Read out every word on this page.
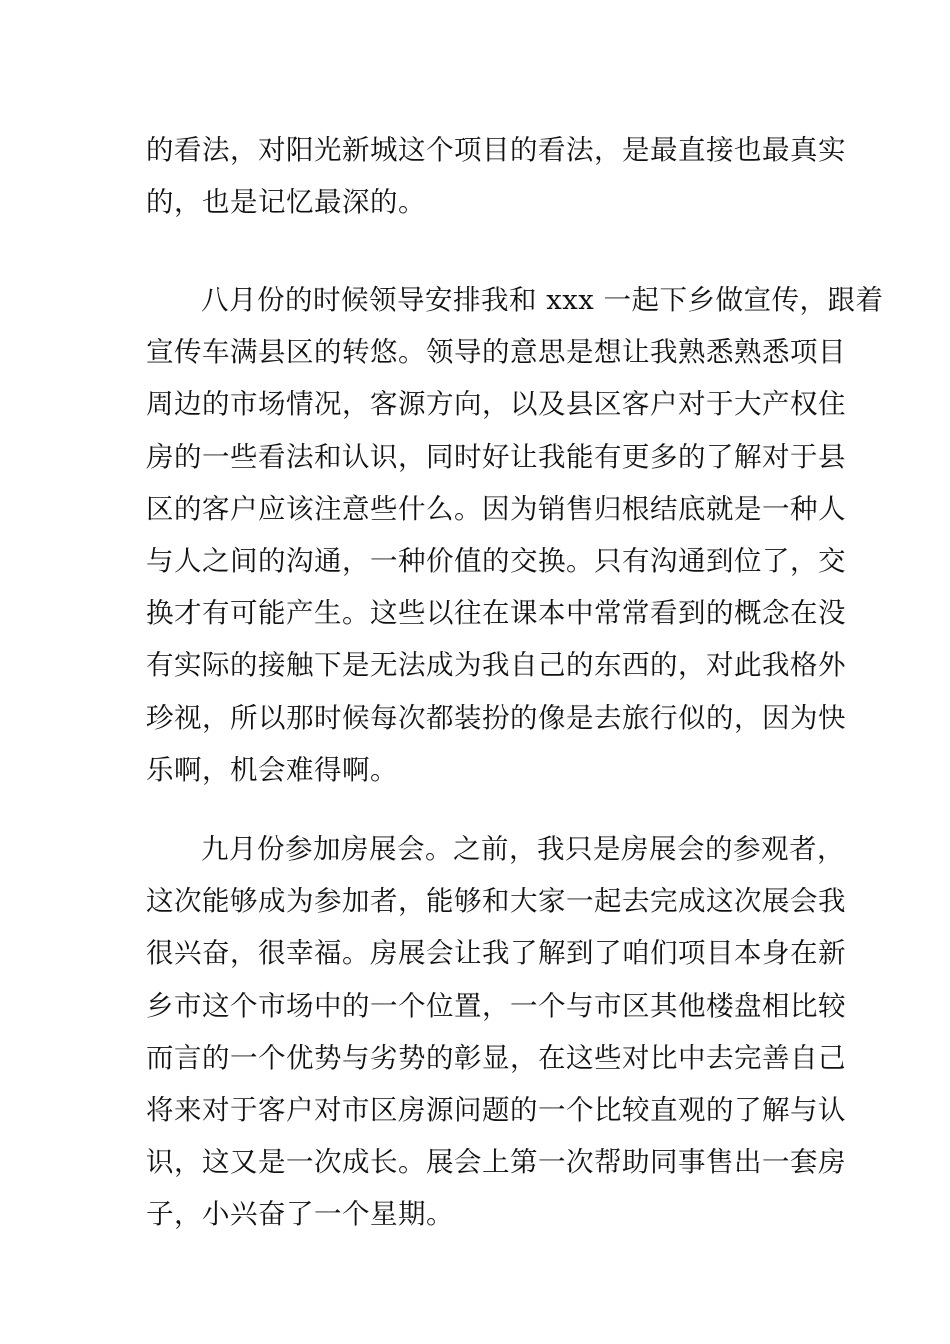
的看法，对阳光新城这个项目的看法，是最直接也最真实
的，也是记忆最深的。
八月份的时候领导安排我和 xxx 一起下乡做宣传，跟着
宣传车满县区的转悠。领导的意思是想让我熟悉熟悉项目
周边的市场情况，客源方向，以及县区客户对于大产权住
房的一些看法和认识，同时好让我能有更多的了解对于县
区的客户应该注意些什么。因为销售归根结底就是一种人
与人之间的沟通，一种价值的交换。只有沟通到位了，交
换才有可能产生。这些以往在课本中常常看到的概念在没
有实际的接触下是无法成为我自己的东西的，对此我格外
珍视，所以那时候每次都装扮的像是去旅行似的，因为快
乐啊，机会难得啊。
九月份参加房展会。之前，我只是房展会的参观者，
这次能够成为参加者，能够和大家一起去完成这次展会我
很兴奋，很幸福。房展会让我了解到了咱们项目本身在新
乡市这个市场中的一个位置，一个与市区其他楼盘相比较
而言的一个优势与劣势的彰显，在这些对比中去完善自己
将来对于客户对市区房源问题的一个比较直观的了解与认
识，这又是一次成长。展会上第一次帮助同事售出一套房
子，小兴奋了一个星期。
